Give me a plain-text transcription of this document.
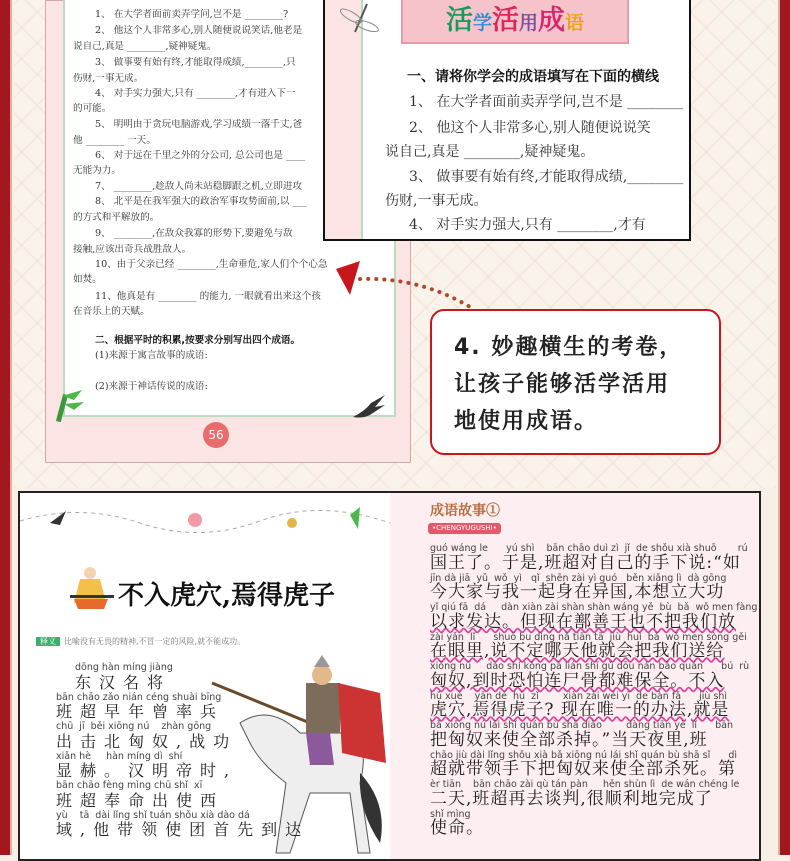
1、 在大学者面前卖弄学问,岂不是 ________?
2、 他这个人非常多心,别人随便说说笑话,他老是
说自己,真是 ________,疑神疑鬼。
3、 做事要有始有终,才能取得成绩,________,只
伤财,一事无成。
4、 对手实力强大,只有 ________,才有进入下一
的可能。
5、 明明由于贪玩电脑游戏,学习成绩一落千丈,爸
他 ________ 一天。
6、 对于远在千里之外的分公司, 总公司也是 ____
无能为力。
7、 ________,趁敌人尚未站稳脚跟之机,立即进攻
8、 北平是在我军强大的政治军事攻势面前,以 ___
的方式和平解放的。
9、 ________,在敌众我寡的形势下,要避免与敌
接触,应该出奇兵战胜敌人。
10、由于父亲已经 ________,生命垂危,家人们个个心急
如焚。
11、他真是有 ________ 的能力, 一眼就看出来这个孩
在音乐上的天赋。
二、根据平时的积累,按要求分别写出四个成语。
(1)来源于寓言故事的成语:
(2)来源于神话传说的成语:
56
活学活用成语
一、请将你学会的成语填写在下面的横线
1、 在大学者面前卖弄学问,岂不是 ________
2、 他这个人非常多心,别人随便说说笑
说自己,真是 ________,疑神疑鬼。
3、 做事要有始有终,才能取得成绩,________
伤财,一事无成。
4、 对手实力强大,只有 ________,才有
4. 妙趣横生的考卷，
让孩子能够活学活用
地使用成语。
不入虎穴,焉得虎子
释义 比喻没有无畏的精神,不冒一定的风险,就不能成功。
成语故事①
•CHENGYUGUSHI•
guó wáng le      yú shì    bān chāo duì zì  jǐ  de shǒu xià shuō       rú
国王了。于是,班超对自己的手下说:“如
jīn dà jiā  yǔ  wǒ  yì   qǐ  shēn zài yì guó   běn xiǎng lì  dà gōng
今大家与我一起身在异国,本想立大功
yǐ qiú fā  dá     dàn xiàn zài shàn shàn wáng yě  bù  bǎ  wǒ men fàng
以求发达。但现在鄯善王也不把我们放
zài yǎn  lǐ      shuō bu dìng nǎ tiān tā  jiù  huì  bǎ  wǒ men sòng gěi
在眼里,说不定哪天他就会把我们送给
xiōng nú     dào shí kǒng pà lián shī gǔ dōu nán bǎo quán      bú  rù
匈奴,到时恐怕连尸骨都难保全。不入
hǔ xué    yān dé  hǔ  zǐ        xiàn zài wéi yī  de bàn fǎ      jiù shì
虎穴,焉得虎子? 现在唯一的办法,就是
bǎ xiōng nú lái shǐ quán bù shā diào        dàng tiān yè  lǐ      bān
把匈奴来使全部杀掉。”当天夜里,班
chāo jiù dài lǐng shǒu xià bǎ xiōng nú lái shǐ quán bù shā sǐ      dì
超就带领手下把匈奴来使全部杀死。第
èr tiān    bān chāo zài qù tán pàn     hěn shùn lì  de wán chéng le
二天,班超再去谈判,很顺利地完成了
shǐ mìng
使命。
dōng hàn míng jiàng
东汉名将
bān chāo zǎo nián céng shuài bīng
班超早年曾率兵
chū  jī  běi xiōng nú    zhàn gōng
出击北匈奴,战功
xiǎn hè     hàn míng dì  shí
显赫。汉明帝时,
bān chāo fèng mìng chū shǐ  xī
班超奉命出使西
yù    tā  dài lǐng shǐ tuán shǒu xià dào dá
域,他带领使团首先到达
